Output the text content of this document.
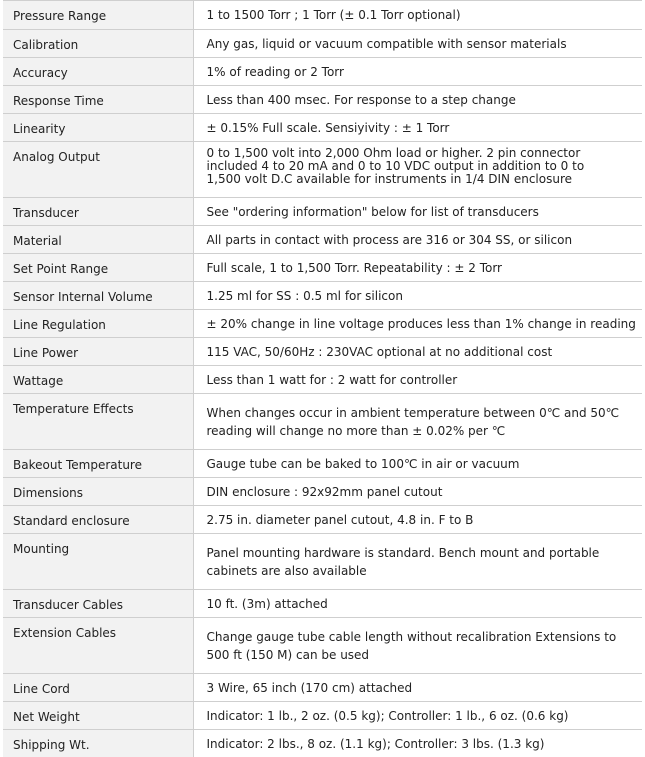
Pressure Range	1 to 1500 Torr ; 1 Torr (± 0.1 Torr optional)
Calibration	Any gas, liquid or vacuum compatible with sensor materials
Accuracy	1% of reading or 2 Torr
Response Time	Less than 400 msec. For response to a step change
Linearity	± 0.15% Full scale. Sensiyivity : ± 1 Torr
Analog Output	0 to 1,500 volt into 2,000 Ohm load or higher. 2 pin connector
included 4 to 20 mA and 0 to 10 VDC output in addition to 0 to
1,500 volt D.C available for instruments in 1/4 DIN enclosure
Transducer	See "ordering information" below for list of transducers
Material	All parts in contact with process are 316 or 304 SS, or silicon
Set Point Range	Full scale, 1 to 1,500 Torr. Repeatability : ± 2 Torr
Sensor Internal Volume	1.25 ml for SS : 0.5 ml for silicon
Line Regulation	± 20% change in line voltage produces less than 1% change in reading
Line Power	115 VAC, 50/60Hz : 230VAC optional at no additional cost
Wattage	Less than 1 watt for : 2 watt for controller
Temperature Effects	When changes occur in ambient temperature between 0℃ and 50℃
reading will change no more than ± 0.02% per ℃
Bakeout Temperature	Gauge tube can be baked to 100℃ in air or vacuum
Dimensions	DIN enclosure : 92x92mm panel cutout
Standard enclosure	2.75 in. diameter panel cutout, 4.8 in. F to B
Mounting	Panel mounting hardware is standard. Bench mount and portable
cabinets are also available
Transducer Cables	10 ft. (3m) attached
Extension Cables	Change gauge tube cable length without recalibration Extensions to
500 ft (150 M) can be used
Line Cord	3 Wire, 65 inch (170 cm) attached
Net Weight	Indicator: 1 lb., 2 oz. (0.5 kg); Controller: 1 lb., 6 oz. (0.6 kg)
Shipping Wt.	Indicator: 2 lbs., 8 oz. (1.1 kg); Controller: 3 lbs. (1.3 kg)
